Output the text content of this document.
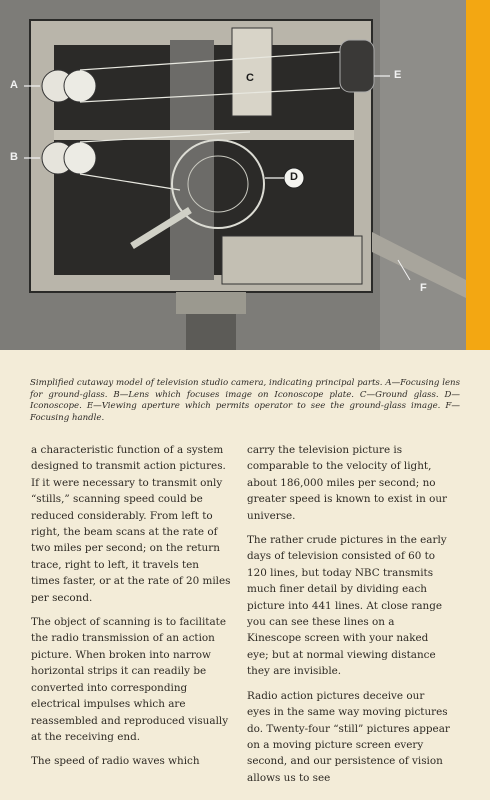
A
B
C
D
E
F
Simplified cutaway model of television studio camera, indicating principal parts. A—Focusing lens for ground-glass. B—Lens which focuses image on Iconoscope plate. C—Ground glass. D—Iconoscope. E—Viewing aperture which permits operator to see the ground-glass image. F—Focusing handle.

a characteristic function of a system designed to transmit action pictures. If it were necessary to transmit only “stills,” scanning speed could be reduced considerably. From left to right, the beam scans at the rate of two miles per second; on the return trace, right to left, it travels ten times faster, or at the rate of 20 miles per second.

The object of scanning is to facilitate the radio transmission of an action picture. When broken into narrow horizontal strips it can readily be converted into corresponding electrical impulses which are reassembled and reproduced visually at the receiving end.

The speed of radio waves which

carry the television picture is comparable to the velocity of light, about 186,000 miles per second; no greater speed is known to exist in our universe.

The rather crude pictures in the early days of television consisted of 60 to 120 lines, but today NBC transmits much finer detail by dividing each picture into 441 lines. At close range you can see these lines on a Kinescope screen with your naked eye; but at normal viewing distance they are invisible.

Radio action pictures deceive our eyes in the same way moving pictures do. Twenty-four “still” pictures appear on a moving picture screen every second, and our persistence of vision allows us to see
